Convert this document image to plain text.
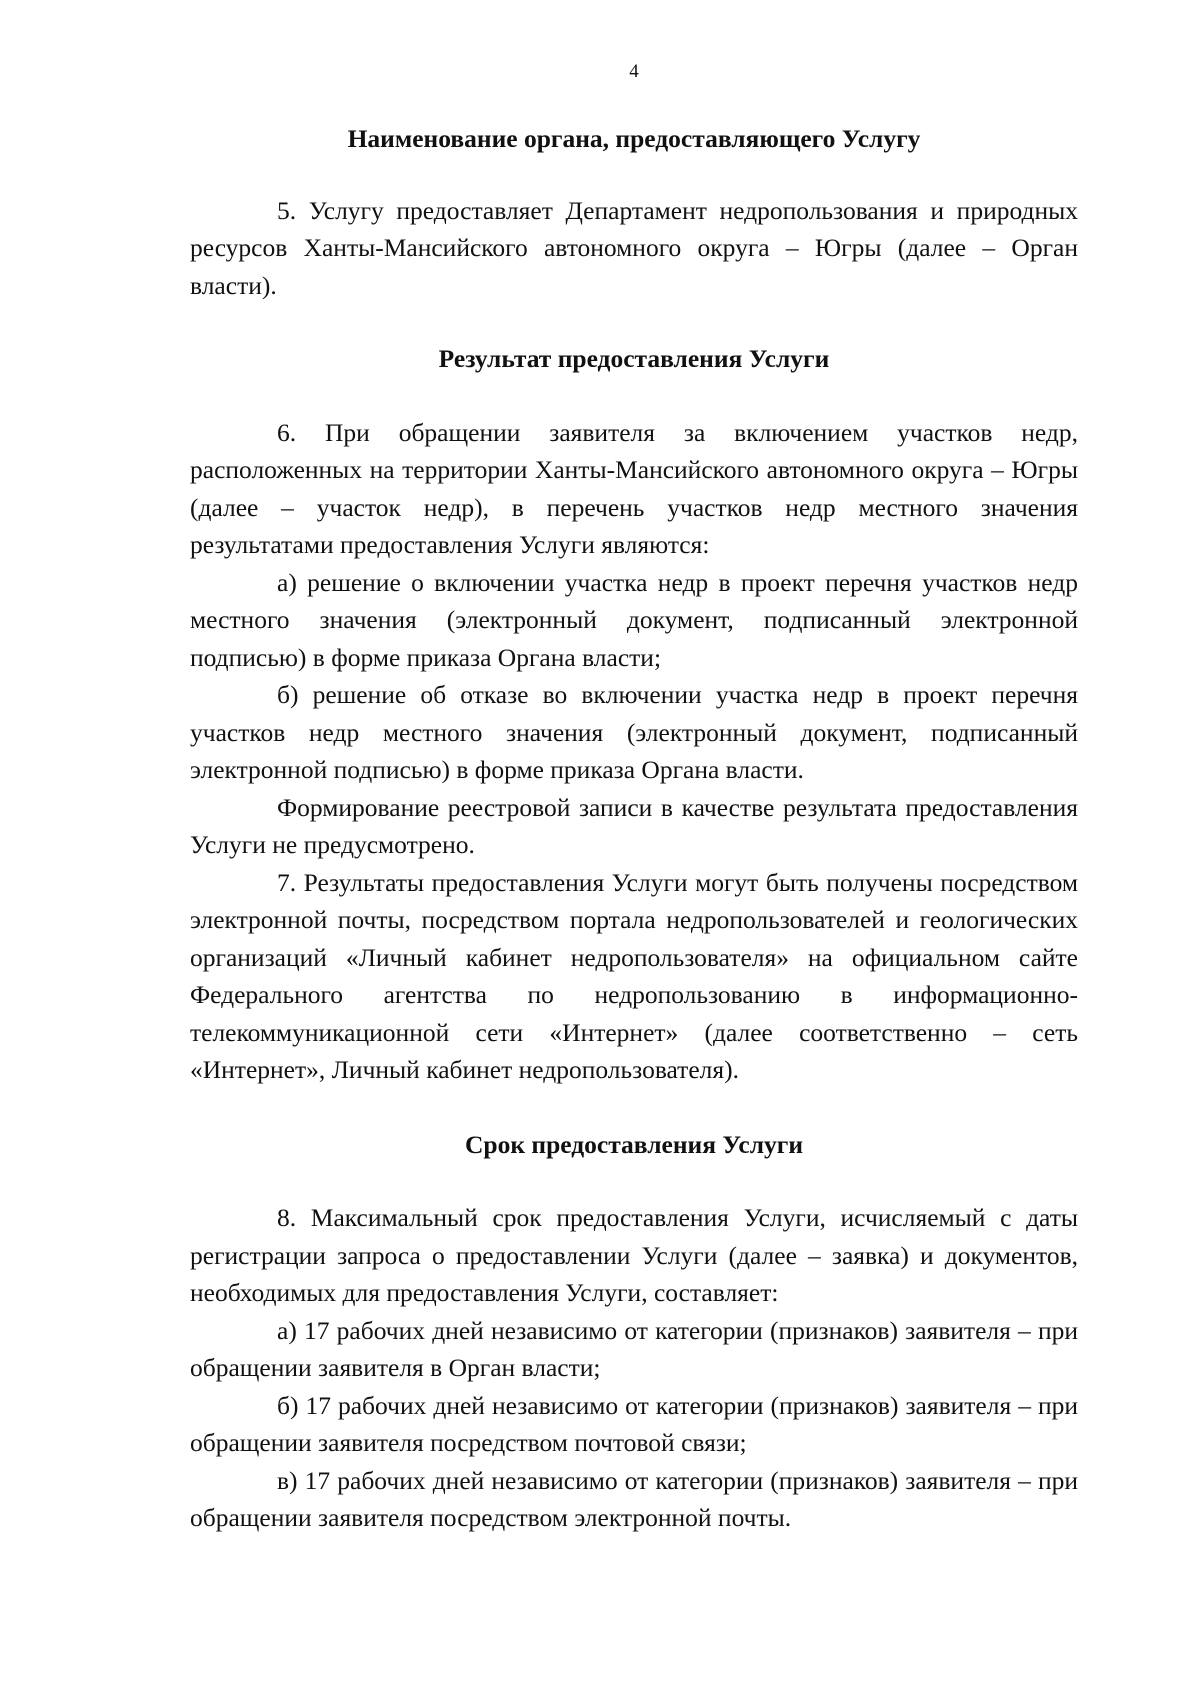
4
Наименование органа, предоставляющего Услугу

5. Услугу предоставляет Департамент недропользования и природных ресурсов Ханты-Мансийского автономного округа – Югры (далее – Орган власти).

Результат предоставления Услуги

6. При обращении заявителя за включением участков недр, расположенных на территории Ханты-Мансийского автономного округа – Югры (далее – участок недр), в перечень участков недр местного значения результатами предоставления Услуги являются:

а) решение о включении участка недр в проект перечня участков недр местного значения (электронный документ, подписанный электронной подписью) в форме приказа Органа власти;

б) решение об отказе во включении участка недр в проект перечня участков недр местного значения (электронный документ, подписанный электронной подписью) в форме приказа Органа власти.

Формирование реестровой записи в качестве результата предоставления Услуги не предусмотрено.

7. Результаты предоставления Услуги могут быть получены посредством электронной почты, посредством портала недропользователей и геологических организаций «Личный кабинет недропользователя» на официальном сайте Федерального агентства по недропользованию в информационно-телекоммуникационной сети «Интернет» (далее соответственно – сеть «Интернет», Личный кабинет недропользователя).

Срок предоставления Услуги

8. Максимальный срок предоставления Услуги, исчисляемый с даты регистрации запроса о предоставлении Услуги (далее – заявка) и документов, необходимых для предоставления Услуги, составляет:

а) 17 рабочих дней независимо от категории (признаков) заявителя – при обращении заявителя в Орган власти;

б) 17 рабочих дней независимо от категории (признаков) заявителя – при обращении заявителя посредством почтовой связи;

в) 17 рабочих дней независимо от категории (признаков) заявителя – при обращении заявителя посредством электронной почты.
